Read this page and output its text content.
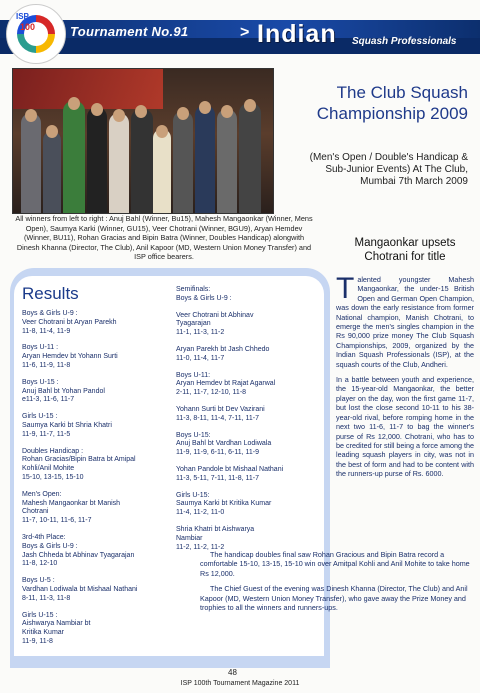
ISP
100	Tournament No.91	> Indian Squash Professionals
The Club Squash Championship 2009
(Men's Open / Double's Handicap & Sub-Junior Events) At The Club, Mumbai 7th March 2009
All winners from left to right : Anuj Bahl (Winner, Bu15), Mahesh Mangaonkar (Winner, Mens Open), Saumya Karki (Winner, GU15), Veer Chotrani (Winner, BGU9), Aryan Hemdev (Winner, BU11), Rohan Gracias and Bipin Batra (Winner, Doubles Handicap) alongwith Dinesh Khanna (Director, The Club), Anil Kapoor (MD, Western Union Money Transfer) and ISP office bearers.
Results
Boys & Girls U-9 :
Veer Chotrani bt Aryan Parekh
11-8, 11-4, 11-9
Boys U-11 :
Aryan Hemdev bt Yohann Surti
11-6, 11-9, 11-8
Boys U-15 :
Anuj Bahl bt Yohan Pandol
e11-3, 11-6, 11-7
Girls U-15 :
Saumya Karki bt Shria Khatri
11-9, 11-7, 11-5
Doubles Handicap :
Rohan Gracias/Bipin Batra bt Amipal
Kohli/Anil Mohite
15-10, 13-15, 15-10
Men's Open:
Mahesh Mangaonkar bt Manish
Chotrani
11-7, 10-11, 11-6, 11-7
3rd-4th Place:
Boys & Girls U-9 :
Jash Chheda bt Abhinav Tyagarajan
11-8, 12-10
Boys U-5 :
Vardhan Lodiwala bt Mishaal Nathani
8-11, 11-3, 11-8
Girls U-15 :
Aishwarya Nambiar bt
Kritika Kumar
11-9, 11-8
Semifinals:
Boys & Girls U-9 :
Veer Chotrani bt Abhinav
Tyagarajan
11-1, 11-3, 11-2
Aryan Parekh bt Jash Chhedo
11-0, 11-4, 11-7
Boys U-11:
Aryan Hemdev bt Rajat Agarwal
2-11, 11-7, 12-10, 11-8
Yohann Surti bt Dev Vazirani
11-3, 8-11, 11-4, 7-11, 11-7
Boys U-15:
Anuj Bahl bt Vardhan Lodiwala
11-9, 11-9, 6-11, 6-11, 11-9
Yohan Pandole bt Mishaal Nathani
11-3, 5-11, 7-11, 11-8, 11-7
Girls U-15:
Saumya Karki bt Kritika Kumar
11-4, 11-2, 11-0
Shria Khatri bt Aishwarya
Nambiar
11-2, 11-2, 11-2
Mangaonkar upsets Chotrani for title

Talented youngster Mahesh Mangaonkar, the under-15 British Open and German Open Champion, was down the early resistance from former National champion, Manish Chotrani, to emerge the men's singles champion in the Rs 90,000 prize money The Club Squash Championships, 2009, organized by the Indian Squash Professionals (ISP), at the squash courts of the Club, Andheri.

In a battle between youth and experience, the 15-year-old Mangaonkar, the better player on the day, won the first game 11-7, but lost the close second 10-11 to his 38-year-old rival, before romping home in the next two 11-6, 11-7 to bag the winner's purse of Rs 12,000. Chotrani, who has to be credited for still being a force among the leading squash players in city, was not in the best of form and had to be content with the runners-up purse of Rs. 6000.

The handicap doubles final saw Rohan Gracious and Bipin Batra record a comfortable 15-10, 13-15, 15-10 win over Amitpal Kohli and Anil Mohite to take home Rs 12,000.

The Chief Guest of the evening was Dinesh Khanna (Director, The Club) and Anil Kapoor (MD, Western Union Money Transfer), who gave away the Prize Money and trophies to all the winners and runners-ups.

48
ISP 100th Tournament Magazine 2011
